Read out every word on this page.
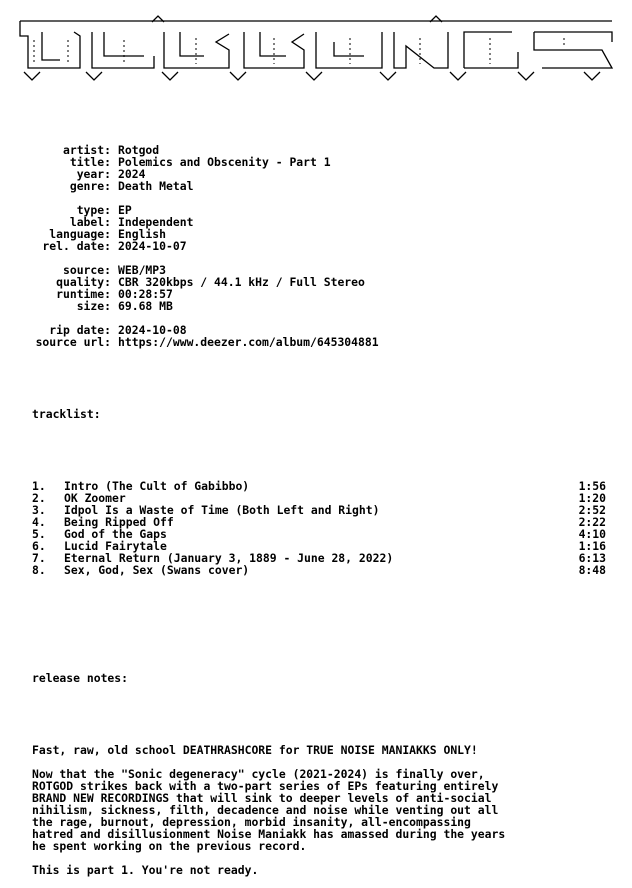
artist: Rotgod
title: Polemics and Obscenity - Part 1
year: 2024
genre: Death Metal
type: EP
label: Independent
language: English
rel. date: 2024-10-07
source: WEB/MP3
quality: CBR 320kbps / 44.1 kHz / Full Stereo
runtime: 00:28:57
size: 69.68 MB
rip date: 2024-10-08
source url: https://www.deezer.com/album/645304881

tracklist:

1. Intro (The Cult of Gabibbo)	1:56
2. OK Zoomer	1:20
3. Idpol Is a Waste of Time (Both Left and Right)	2:52
4. Being Ripped Off	2:22
5. God of the Gaps	4:10
6. Lucid Fairytale	1:16
7. Eternal Return (January 3, 1889 - June 28, 2022)	6:13
8. Sex, God, Sex (Swans cover)	8:48

release notes:

Fast, raw, old school DEATHRASHCORE for TRUE NOISE MANIAKKS ONLY!
Now that the "Sonic degeneracy" cycle (2021-2024) is finally over,
ROTGOD strikes back with a two-part series of EPs featuring entirely
BRAND NEW RECORDINGS that will sink to deeper levels of anti-social
nihilism, sickness, filth, decadence and noise while venting out all
the rage, burnout, depression, morbid insanity, all-encompassing
hatred and disillusionment Noise Maniakk has amassed during the years
he spent working on the previous record.
This is part 1. You're not ready.
